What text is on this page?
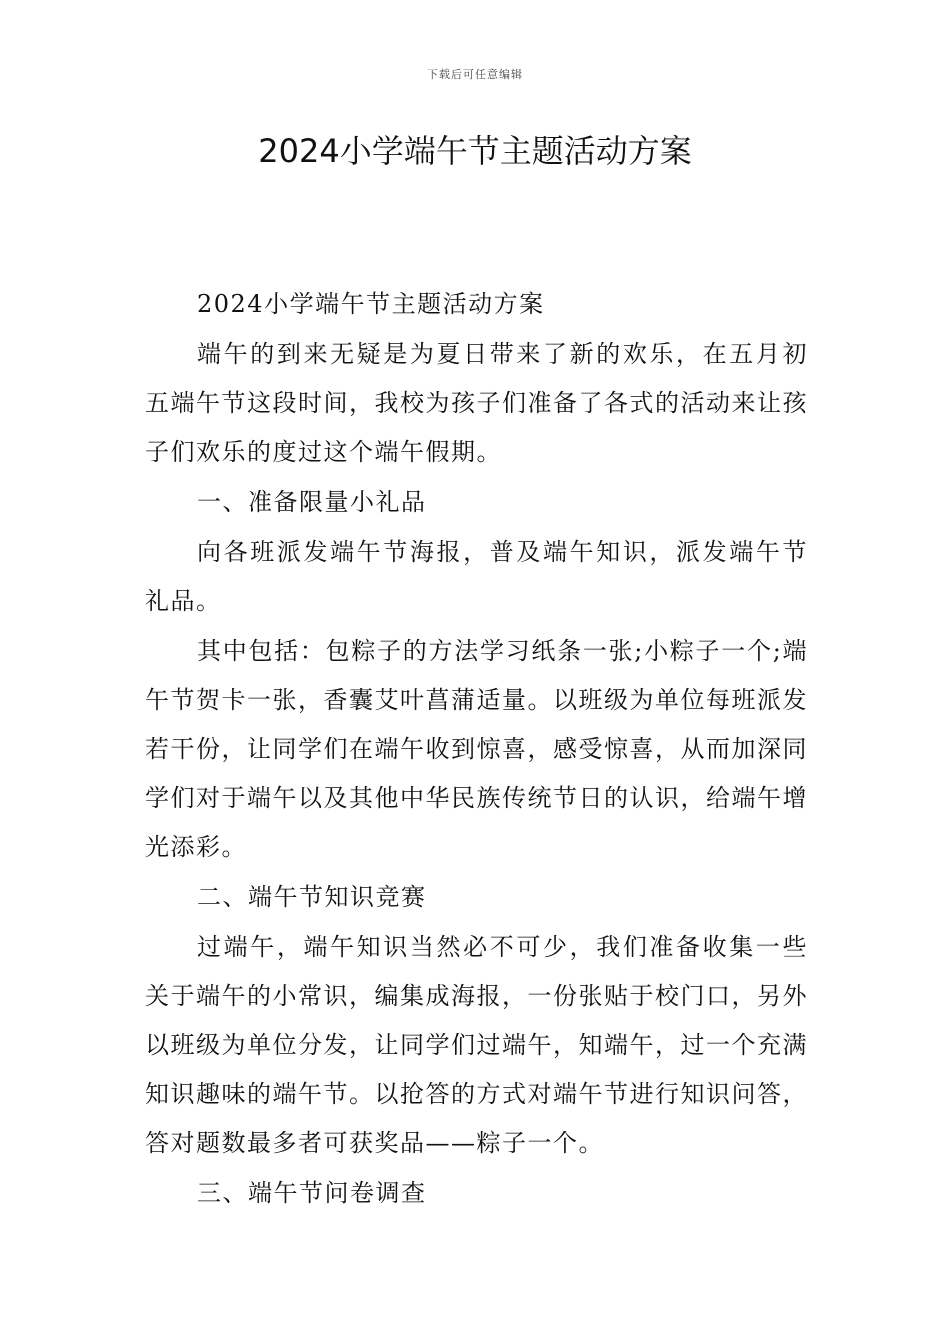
下载后可任意编辑
2024小学端午节主题活动方案

2024小学端午节主题活动方案

端午的到来无疑是为夏日带来了新的欢乐，在五月初五端午节这段时间，我校为孩子们准备了各式的活动来让孩子们欢乐的度过这个端午假期。

一、准备限量小礼品

向各班派发端午节海报，普及端午知识，派发端午节礼品。

其中包括：包粽子的方法学习纸条一张;小粽子一个;端午节贺卡一张，香囊艾叶菖蒲适量。以班级为单位每班派发若干份，让同学们在端午收到惊喜，感受惊喜，从而加深同学们对于端午以及其他中华民族传统节日的认识，给端午增光添彩。

二、端午节知识竞赛

过端午，端午知识当然必不可少，我们准备收集一些关于端午的小常识，编集成海报，一份张贴于校门口，另外以班级为单位分发，让同学们过端午，知端午，过一个充满知识趣味的端午节。以抢答的方式对端午节进行知识问答，答对题数最多者可获奖品——粽子一个。

三、端午节问卷调查
